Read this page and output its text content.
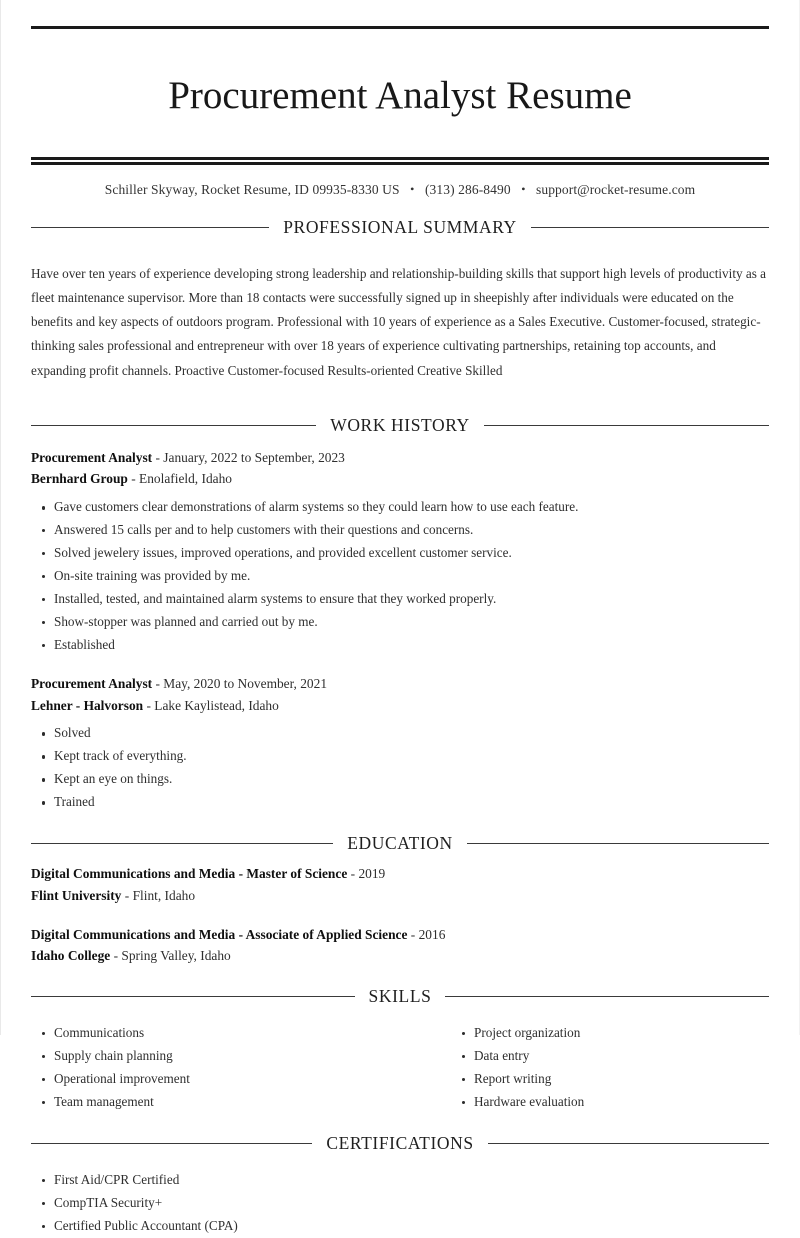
Procurement Analyst Resume
Schiller Skyway, Rocket Resume, ID 09935-8330 US • (313) 286-8490 • support@rocket-resume.com
PROFESSIONAL SUMMARY

Have over ten years of experience developing strong leadership and relationship-building skills that support high levels of productivity as a fleet maintenance supervisor. More than 18 contacts were successfully signed up in sheepishly after individuals were educated on the benefits and key aspects of outdoors program. Professional with 10 years of experience as a Sales Executive. Customer-focused, strategic-thinking sales professional and entrepreneur with over 18 years of experience cultivating partnerships, retaining top accounts, and expanding profit channels. Proactive Customer-focused Results-oriented Creative Skilled

WORK HISTORY
Procurement Analyst - January, 2022 to September, 2023
Bernhard Group - Enolafield, Idaho
Gave customers clear demonstrations of alarm systems so they could learn how to use each feature.
Answered 15 calls per and to help customers with their questions and concerns.
Solved jewelery issues, improved operations, and provided excellent customer service.
On-site training was provided by me.
Installed, tested, and maintained alarm systems to ensure that they worked properly.
Show-stopper was planned and carried out by me.
Established
Procurement Analyst - May, 2020 to November, 2021
Lehner - Halvorson - Lake Kaylistead, Idaho
Solved
Kept track of everything.
Kept an eye on things.
Trained
EDUCATION
Digital Communications and Media - Master of Science - 2019
Flint University - Flint, Idaho
Digital Communications and Media - Associate of Applied Science - 2016
Idaho College - Spring Valley, Idaho
SKILLS
Communications
Supply chain planning
Operational improvement
Team management
Project organization
Data entry
Report writing
Hardware evaluation
CERTIFICATIONS
First Aid/CPR Certified
CompTIA Security+
Certified Public Accountant (CPA)
